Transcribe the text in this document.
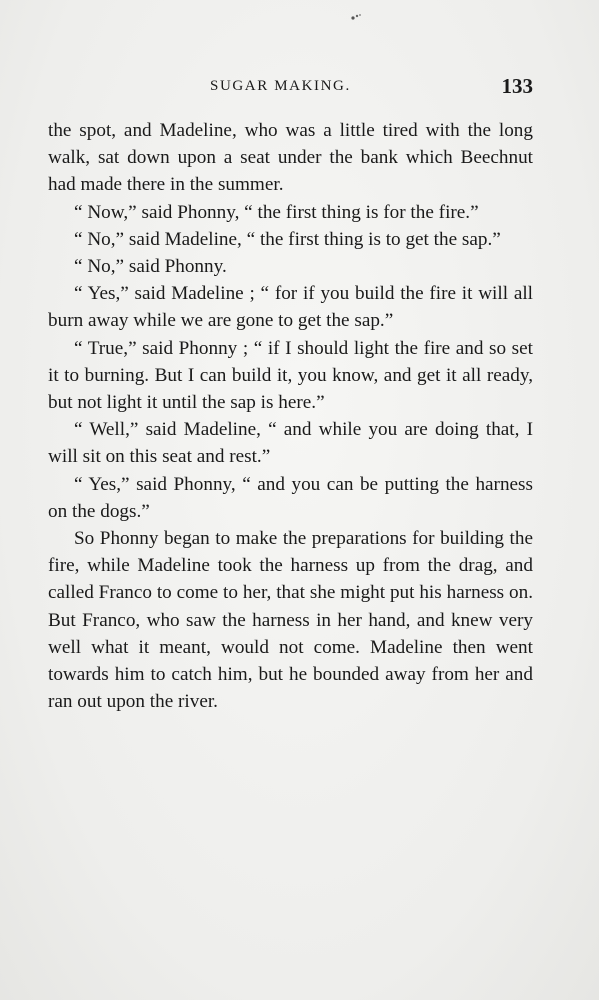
SUGAR MAKING.	133

the spot, and Madeline, who was a little tired with the long walk, sat down upon a seat under the bank which Beechnut had made there in the summer.

“ Now,” said Phonny, “ the first thing is for the fire.”

“ No,” said Madeline, “ the first thing is to get the sap.”

“ No,” said Phonny.

“ Yes,” said Madeline ; “ for if you build the fire it will all burn away while we are gone to get the sap.”

“ True,” said Phonny ; “ if I should light the fire and so set it to burning. But I can build it, you know, and get it all ready, but not light it until the sap is here.”

“ Well,” said Madeline, “ and while you are doing that, I will sit on this seat and rest.”

“ Yes,” said Phonny, “ and you can be putting the harness on the dogs.”

So Phonny began to make the preparations for building the fire, while Madeline took the harness up from the drag, and called Franco to come to her, that she might put his harness on. But Franco, who saw the harness in her hand, and knew very well what it meant, would not come. Madeline then went towards him to catch him, but he bounded away from her and ran out upon the river.
